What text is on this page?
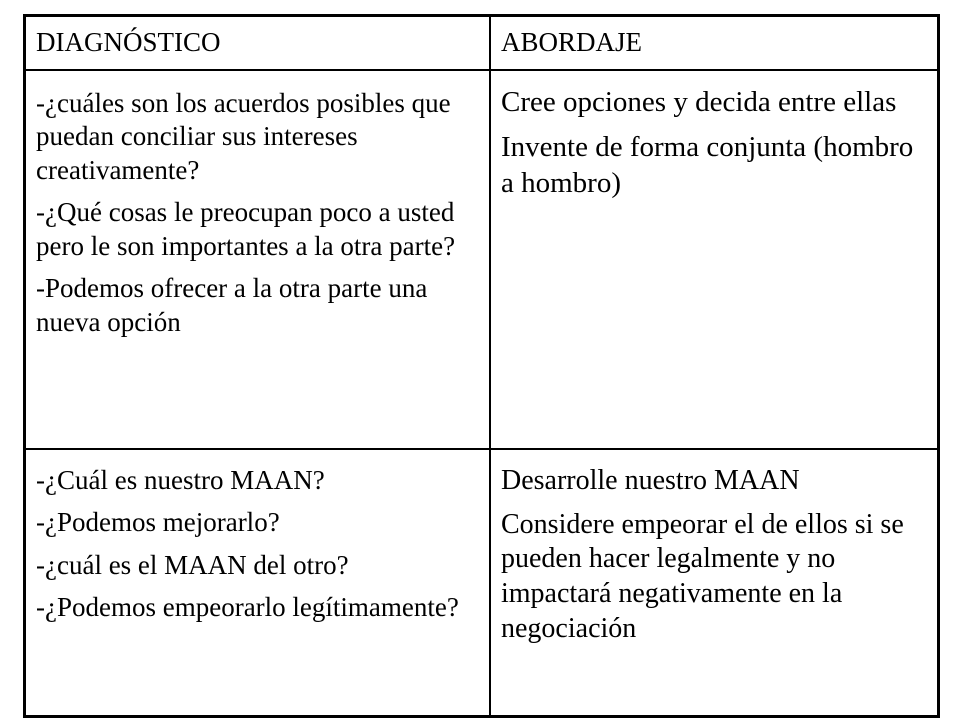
DIAGNÓSTICO	ABORDAJE

-¿cuáles son los acuerdos posibles que puedan conciliar sus intereses creativamente?

-¿Qué cosas le preocupan poco a usted pero le son importantes a la otra parte?

-Podemos ofrecer a la otra parte una nueva opción

Cree opciones y decida entre ellas

Invente de forma conjunta (hombro a hombro)

-¿Cuál es nuestro MAAN?

-¿Podemos mejorarlo?

-¿cuál es el MAAN del otro?

-¿Podemos empeorarlo legítimamente?

Desarrolle nuestro MAAN

Considere empeorar el de ellos si se pueden hacer legalmente y no impactará negativamente en la negociación
